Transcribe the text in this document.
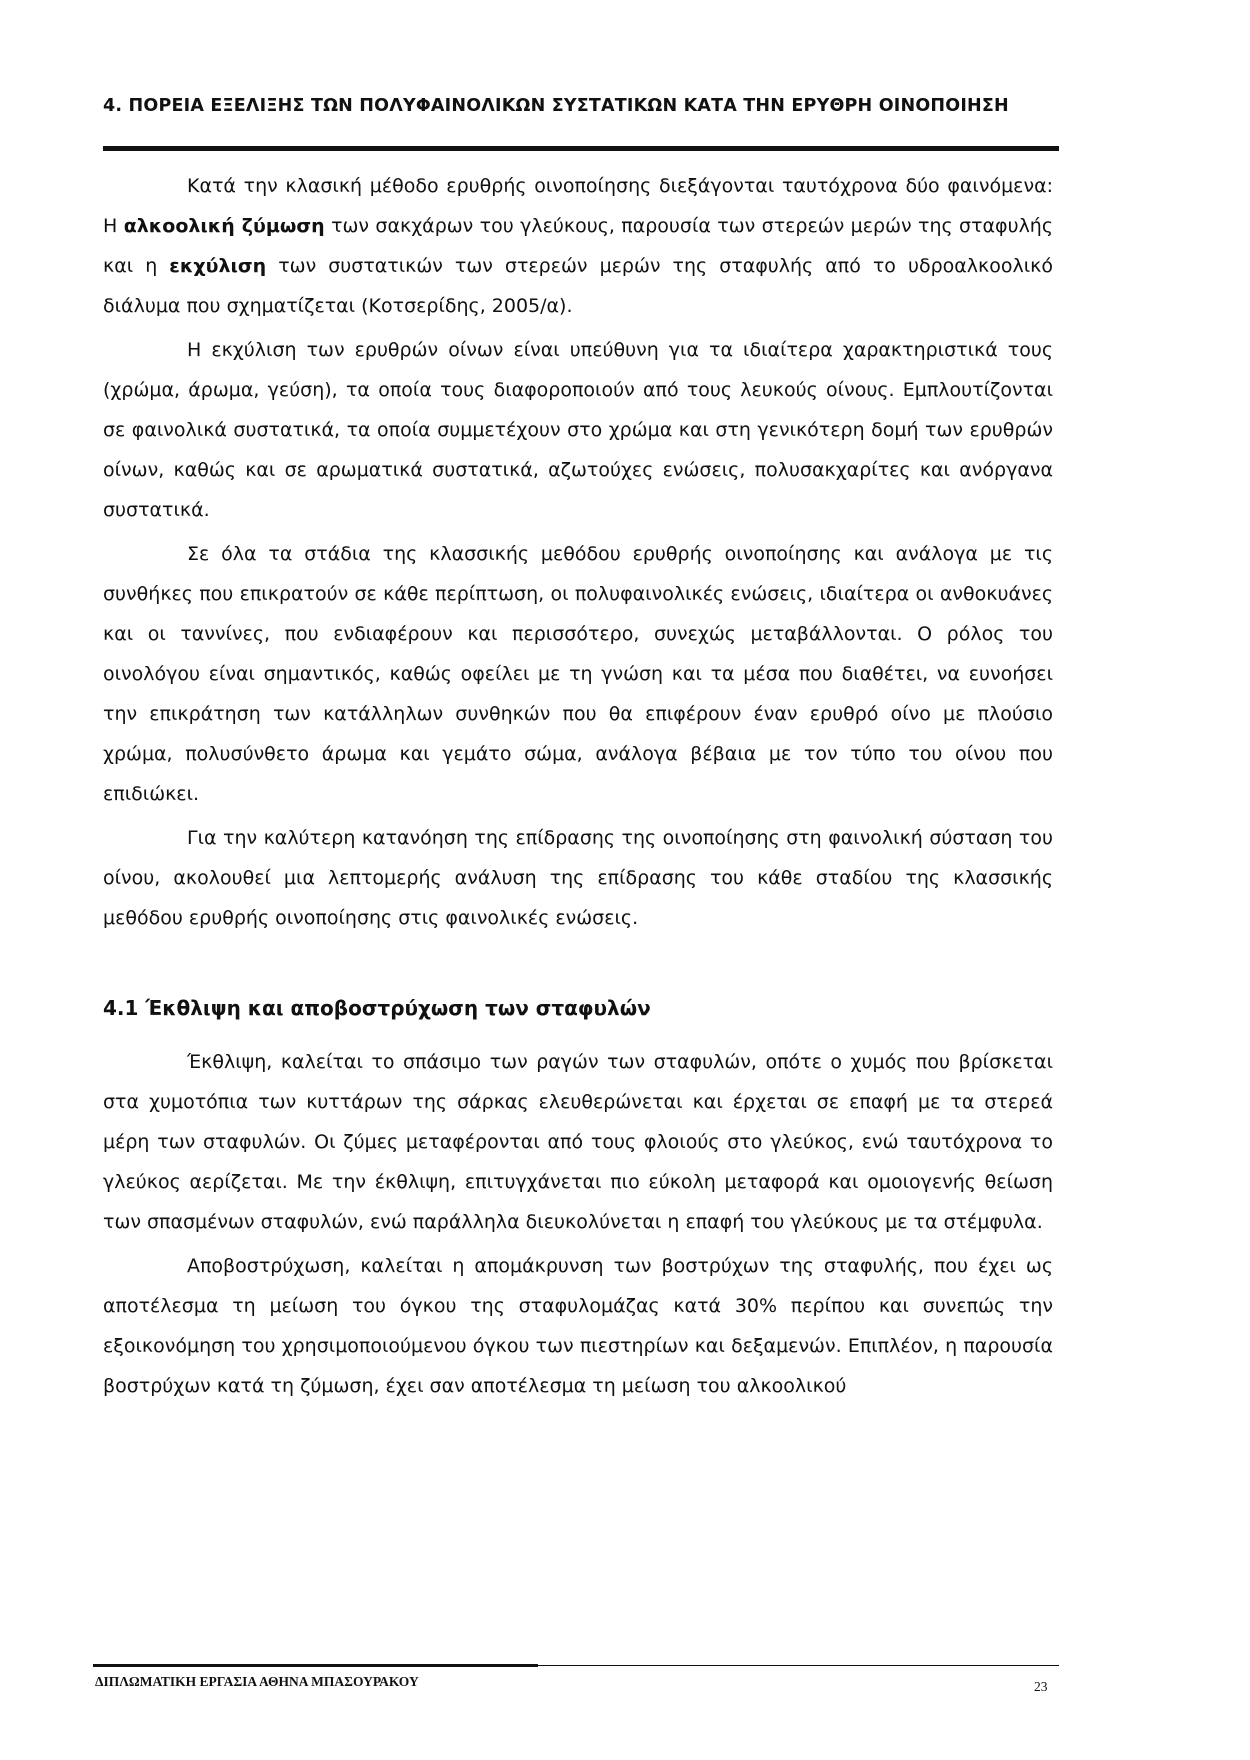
4. ΠΟΡΕΙΑ ΕΞΕΛΙΞΗΣ ΤΩΝ ΠΟΛΥΦΑΙΝΟΛΙΚΩΝ ΣΥΣΤΑΤΙΚΩΝ ΚΑΤΑ ΤΗΝ ΕΡΥΘΡΗ ΟΙΝΟΠΟΙΗΣΗ

Κατά την κλασική μέθοδο ερυθρής οινοποίησης διεξάγονται ταυτόχρονα δύο φαινόμενα: Η αλκοολική ζύμωση των σακχάρων του γλεύκους, παρουσία των στερεών μερών της σταφυλής και η εκχύλιση των συστατικών των στερεών μερών της σταφυλής από το υδροαλκοολικό διάλυμα που σχηματίζεται (Κοτσερίδης, 2005/α).

Η εκχύλιση των ερυθρών οίνων είναι υπεύθυνη για τα ιδιαίτερα χαρακτηριστικά τους (χρώμα, άρωμα, γεύση), τα οποία τους διαφοροποιούν από τους λευκούς οίνους. Εμπλουτίζονται σε φαινολικά συστατικά, τα οποία συμμετέχουν στο χρώμα και στη γενικότερη δομή των ερυθρών οίνων, καθώς και σε αρωματικά συστατικά, αζωτούχες ενώσεις, πολυσακχαρίτες και ανόργανα συστατικά.

Σε όλα τα στάδια της κλασσικής μεθόδου ερυθρής οινοποίησης και ανάλογα με τις συνθήκες που επικρατούν σε κάθε περίπτωση, οι πολυφαινολικές ενώσεις, ιδιαίτερα οι ανθοκυάνες και οι ταννίνες, που ενδιαφέρουν και περισσότερο, συνεχώς μεταβάλλονται. Ο ρόλος του οινολόγου είναι σημαντικός, καθώς οφείλει με τη γνώση και τα μέσα που διαθέτει, να ευνοήσει την επικράτηση των κατάλληλων συνθηκών που θα επιφέρουν έναν ερυθρό οίνο με πλούσιο χρώμα, πολυσύνθετο άρωμα και γεμάτο σώμα, ανάλογα βέβαια με τον τύπο του οίνου που επιδιώκει.

Για την καλύτερη κατανόηση της επίδρασης της οινοποίησης στη φαινολική σύσταση του οίνου, ακολουθεί μια λεπτομερής ανάλυση της επίδρασης του κάθε σταδίου της κλασσικής μεθόδου ερυθρής οινοποίησης στις φαινολικές ενώσεις.

4.1 Έκθλιψη και αποβοστρύχωση των σταφυλών

Έκθλιψη, καλείται το σπάσιμο των ραγών των σταφυλών, οπότε ο χυμός που βρίσκεται στα χυμοτόπια των κυττάρων της σάρκας ελευθερώνεται και έρχεται σε επαφή με τα στερεά μέρη των σταφυλών. Οι ζύμες μεταφέρονται από τους φλοιούς στο γλεύκος, ενώ ταυτόχρονα το γλεύκος αερίζεται. Με την έκθλιψη, επιτυγχάνεται πιο εύκολη μεταφορά και ομοιογενής θείωση των σπασμένων σταφυλών, ενώ παράλληλα διευκολύνεται η επαφή του γλεύκους με τα στέμφυλα.

Αποβοστρύχωση, καλείται η απομάκρυνση των βοστρύχων της σταφυλής, που έχει ως αποτέλεσμα τη μείωση του όγκου της σταφυλομάζας κατά 30% περίπου και συνεπώς την εξοικονόμηση του χρησιμοποιούμενου όγκου των πιεστηρίων και δεξαμενών. Επιπλέον, η παρουσία βοστρύχων κατά τη ζύμωση, έχει σαν αποτέλεσμα τη μείωση του αλκοολικού

ΔΙΠΛΩΜΑΤΙΚΗ ΕΡΓΑΣΙΑ ΑΘΗΝΑ ΜΠΑΣΟΥΡΑΚΟΥ	23
